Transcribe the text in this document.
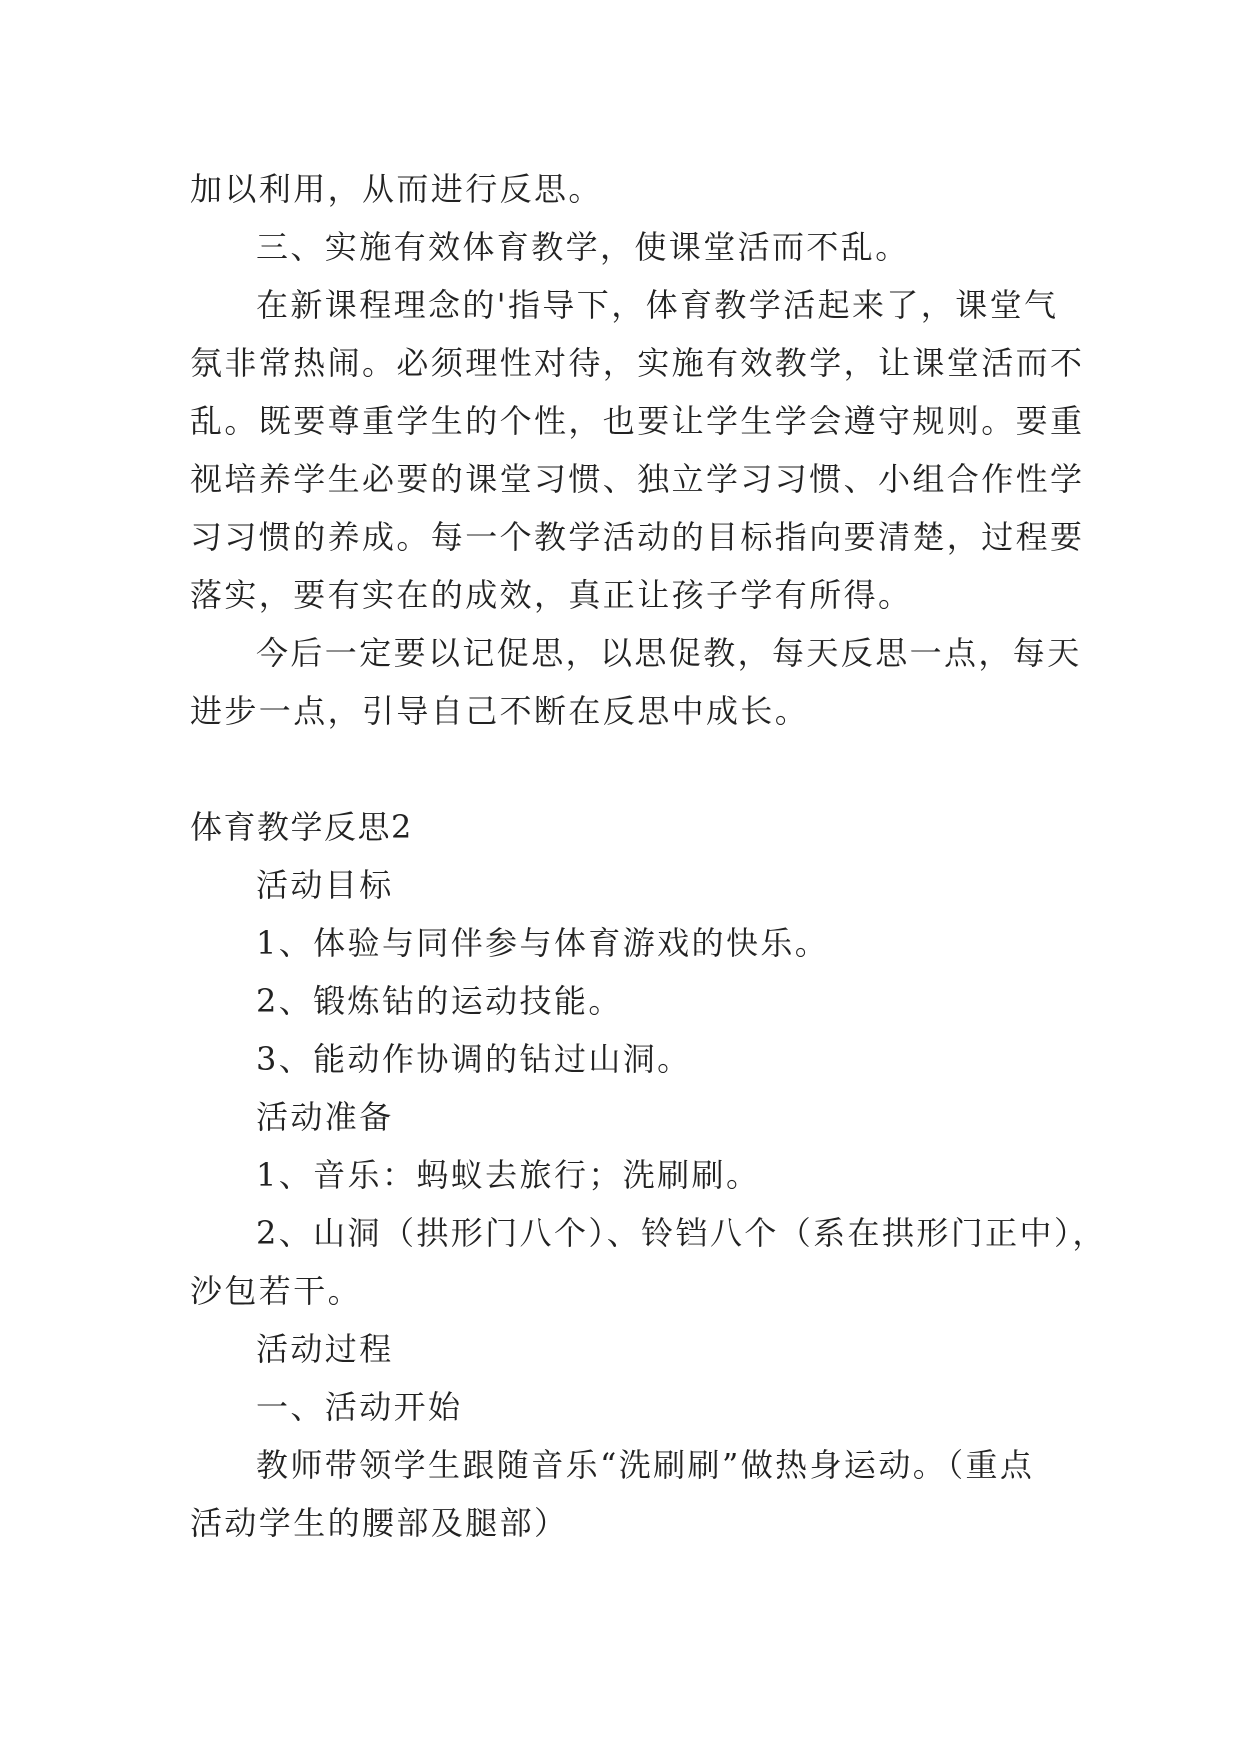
加以利用，从而进行反思。
三、实施有效体育教学，使课堂活而不乱。
在新课程理念的'指导下，体育教学活起来了，课堂气
氛非常热闹。必须理性对待，实施有效教学，让课堂活而不
乱。既要尊重学生的个性，也要让学生学会遵守规则。要重
视培养学生必要的课堂习惯、独立学习习惯、小组合作性学
习习惯的养成。每一个教学活动的目标指向要清楚，过程要
落实，要有实在的成效，真正让孩子学有所得。
今后一定要以记促思，以思促教，每天反思一点，每天
进步一点，引导自己不断在反思中成长。
体育教学反思2
活动目标
1、体验与同伴参与体育游戏的快乐。
2、锻炼钻的运动技能。
3、能动作协调的钻过山洞。
活动准备
1、音乐：蚂蚁去旅行；洗刷刷。
2、山洞（拱形门八个）、铃铛八个（系在拱形门正中），
沙包若干。
活动过程
一、活动开始
教师带领学生跟随音乐“洗刷刷”做热身运动。（重点
活动学生的腰部及腿部）
